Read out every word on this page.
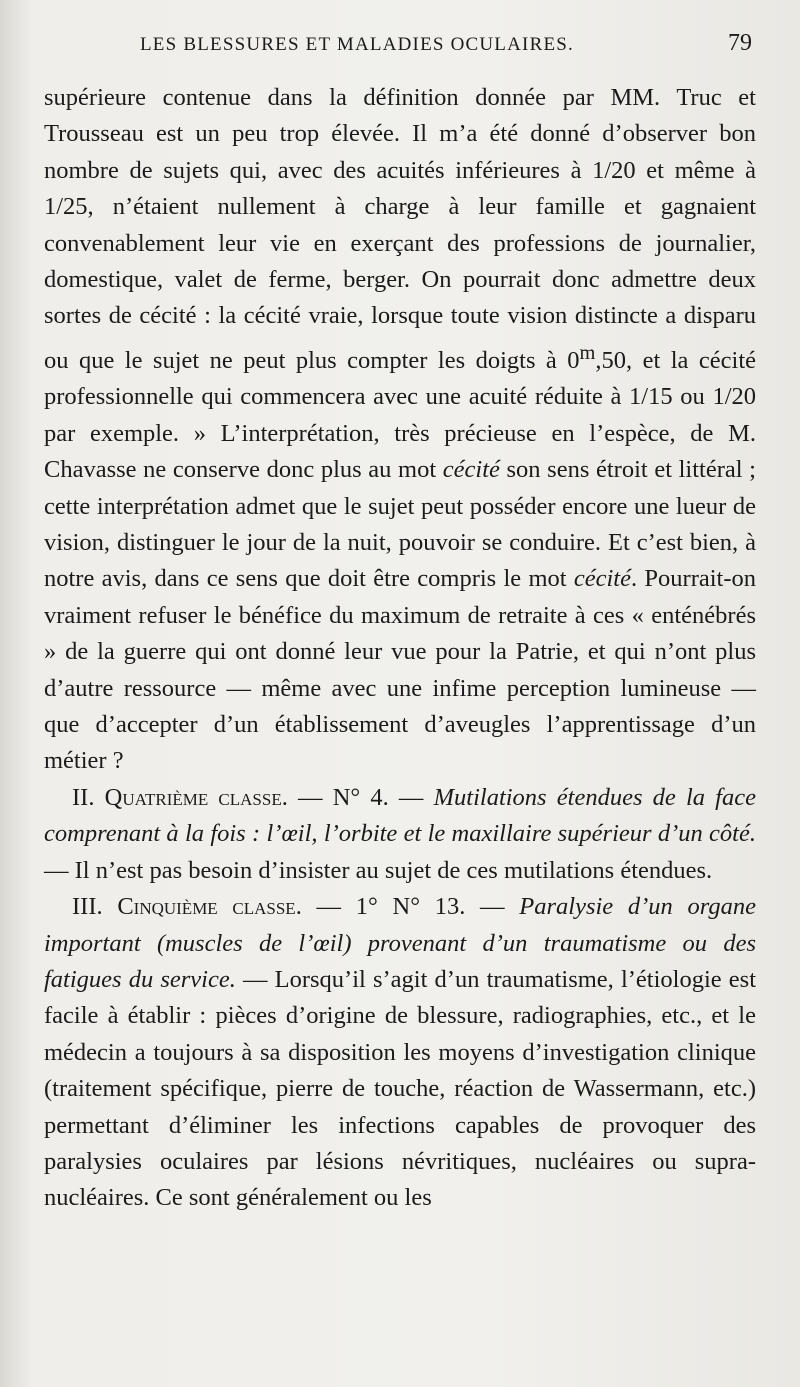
LES BLESSURES ET MALADIES OCULAIRES.	79

supérieure contenue dans la définition donnée par MM. Truc et Trousseau est un peu trop élevée. Il m’a été donné d’observer bon nombre de sujets qui, avec des acuités inférieures à 1/20 et même à 1/25, n’étaient nullement à charge à leur famille et gagnaient convenablement leur vie en exerçant des professions de journalier, domestique, valet de ferme, berger. On pourrait donc admettre deux sortes de cécité : la cécité vraie, lorsque toute vision distincte a disparu ou que le sujet ne peut plus compter les doigts à 0$^m$,50, et la cécité professionnelle qui commencera avec une acuité réduite à 1/15 ou 1/20 par exemple. » L’interprétation, très précieuse en l’espèce, de M. Chavasse ne conserve donc plus au mot cécité son sens étroit et littéral ; cette interprétation admet que le sujet peut posséder encore une lueur de vision, distinguer le jour de la nuit, pouvoir se conduire. Et c’est bien, à notre avis, dans ce sens que doit être compris le mot cécité. Pourrait-on vraiment refuser le bénéfice du maximum de retraite à ces « enténébrés » de la guerre qui ont donné leur vue pour la Patrie, et qui n’ont plus d’autre ressource — même avec une infime perception lumineuse — que d’accepter d’un établissement d’aveugles l’apprentissage d’un métier ?

II. Quatrième classe. — N° 4. — Mutilations étendues de la face comprenant à la fois : l’œil, l’orbite et le maxillaire supérieur d’un côté. — Il n’est pas besoin d’insister au sujet de ces mutilations étendues.

III. Cinquième classe. — 1° N° 13. — Paralysie d’un organe important (muscles de l’œil) provenant d’un traumatisme ou des fatigues du service. — Lorsqu’il s’agit d’un traumatisme, l’étiologie est facile à établir : pièces d’origine de blessure, radiographies, etc., et le médecin a toujours à sa disposition les moyens d’investigation clinique (traitement spécifique, pierre de touche, réaction de Wassermann, etc.) permettant d’éliminer les infections capables de provoquer des paralysies oculaires par lésions névritiques, nucléaires ou supra-nucléaires. Ce sont généralement ou les
